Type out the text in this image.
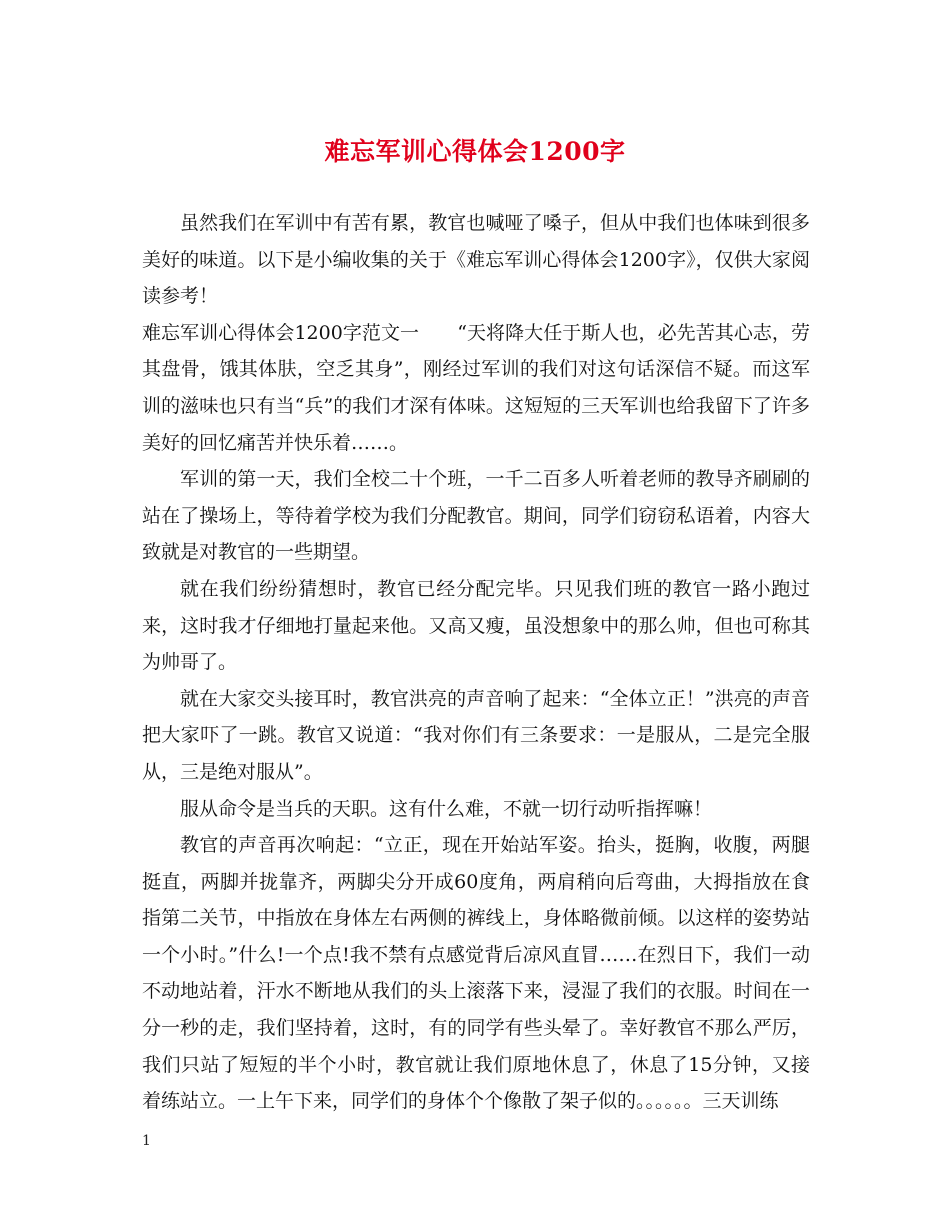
难忘军训心得体会1200字

虽然我们在军训中有苦有累，教官也喊哑了嗓子，但从中我们也体味到很多美好的味道。以下是小编收集的关于《难忘军训心得体会1200字》，仅供大家阅读参考！

难忘军训心得体会1200字范文一　　“天将降大任于斯人也，必先苦其心志，劳其盘骨，饿其体肤，空乏其身”，刚经过军训的我们对这句话深信不疑。而这军训的滋味也只有当“兵”的我们才深有体味。这短短的三天军训也给我留下了许多美好的回忆痛苦并快乐着……。

军训的第一天，我们全校二十个班，一千二百多人听着老师的教导齐刷刷的站在了操场上，等待着学校为我们分配教官。期间，同学们窃窃私语着，内容大致就是对教官的一些期望。

就在我们纷纷猜想时，教官已经分配完毕。只见我们班的教官一路小跑过来，这时我才仔细地打量起来他。又高又瘦，虽没想象中的那么帅，但也可称其为帅哥了。

就在大家交头接耳时，教官洪亮的声音响了起来：“全体立正！”洪亮的声音把大家吓了一跳。教官又说道：“我对你们有三条要求：一是服从，二是完全服从，三是绝对服从”。

服从命令是当兵的天职。这有什么难，不就一切行动听指挥嘛！

教官的声音再次响起：“立正，现在开始站军姿。抬头，挺胸，收腹，两腿挺直，两脚并拢靠齐，两脚尖分开成60度角，两肩稍向后弯曲，大拇指放在食指第二关节，中指放在身体左右两侧的裤线上，身体略微前倾。以这样的姿势站一个小时。”什么!一个点!我不禁有点感觉背后凉风直冒……在烈日下，我们一动不动地站着，汗水不断地从我们的头上滚落下来，浸湿了我们的衣服。时间在一分一秒的走，我们坚持着，这时，有的同学有些头晕了。幸好教官不那么严厉，我们只站了短短的半个小时，教官就让我们原地休息了，休息了15分钟，又接着练站立。一上午下来，同学们的身体个个像散了架子似的。。。。。。三天训练

1
